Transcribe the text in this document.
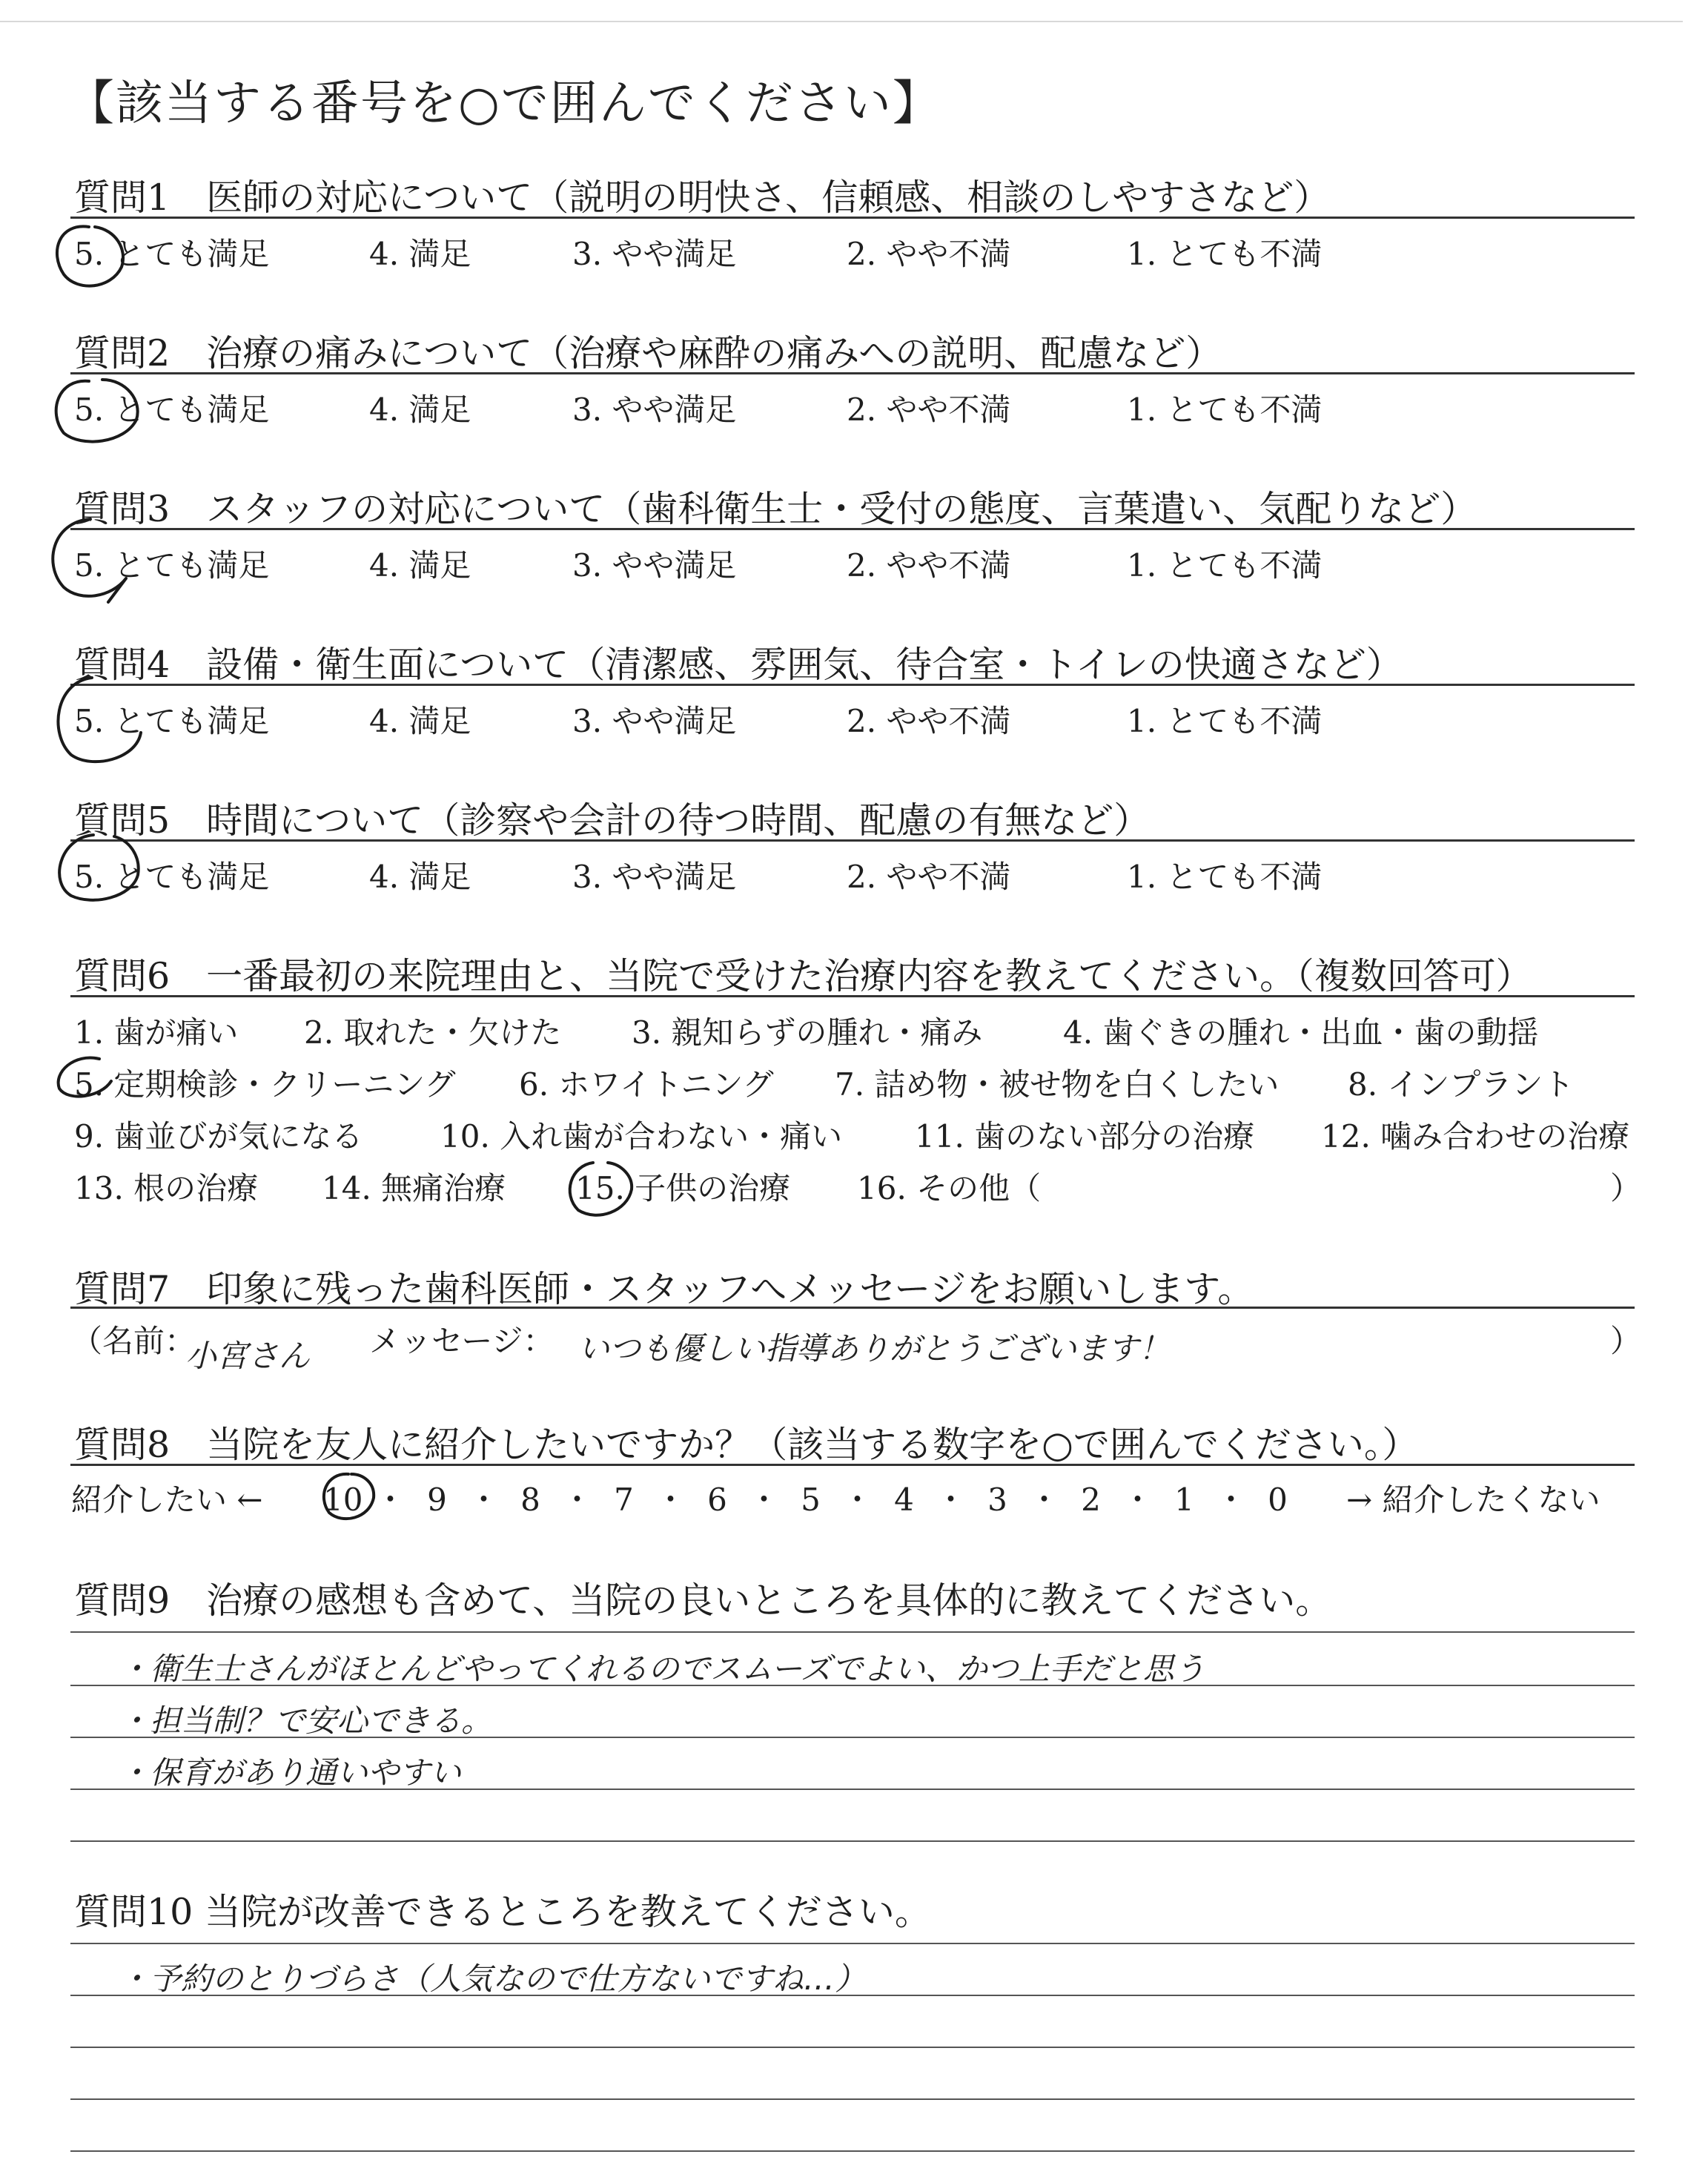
【該当する番号を○で囲んでください】
質問1　医師の対応について（説明の明快さ、信頼感、相談のしやすさなど）
5. とても満足	4. 満足	3. やや満足	2. やや不満	1. とても不満
質問2　治療の痛みについて（治療や麻酔の痛みへの説明、配慮など）
5. とても満足	4. 満足	3. やや満足	2. やや不満	1. とても不満
質問3　スタッフの対応について（歯科衛生士・受付の態度、言葉遣い、気配りなど）
5. とても満足	4. 満足	3. やや満足	2. やや不満	1. とても不満
質問4　設備・衛生面について（清潔感、雰囲気、待合室・トイレの快適さなど）
5. とても満足	4. 満足	3. やや満足	2. やや不満	1. とても不満
質問5　時間について（診察や会計の待つ時間、配慮の有無など）
5. とても満足	4. 満足	3. やや満足	2. やや不満	1. とても不満
質問6　一番最初の来院理由と、当院で受けた治療内容を教えてください。（複数回答可）
1. 歯が痛い 2. 取れた・欠けた 3. 親知らずの腫れ・痛み	4. 歯ぐきの腫れ・出血・歯の動揺
5. 定期検診・クリーニング 6. ホワイトニング 7. 詰め物・被せ物を白くしたい 8. インプラント
9. 歯並びが気になる 10. 入れ歯が合わない・痛い 11. 歯のない部分の治療 12. 噛み合わせの治療
13. 根の治療 14. 無痛治療 15. 子供の治療 16. その他（	）
質問7　印象に残った歯科医師・スタッフへメッセージをお願いします。
（名前：
小宮さん メッセージ： いつも優しい指導ありがとうございます！	）
質問8　当院を友人に紹介したいですか？（該当する数字を○で囲んでください。）
紹介したい ← 10 ・ 9 ・ 8 ・ 7 ・ 6 ・ 5 ・ 4 ・ 3 ・ 2 ・ 1 ・ 0	→ 紹介したくない
質問9　治療の感想も含めて、当院の良いところを具体的に教えてください。
・衛生士さんがほとんどやってくれるのでスムーズでよい、かつ上手だと思う
・担当制？で安心できる。
・保育があり通いやすい
質問10 当院が改善できるところを教えてください。
・予約のとりづらさ（人気なので仕方ないですね…）
